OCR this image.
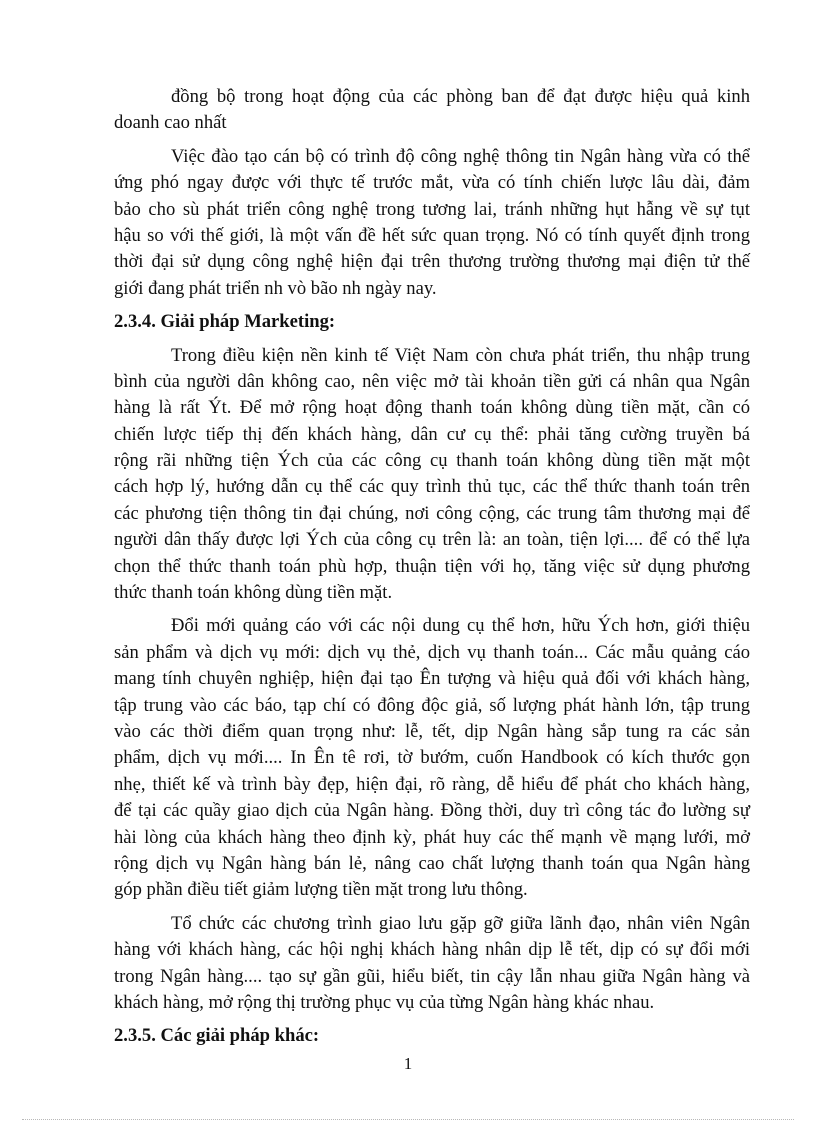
đồng bộ trong hoạt động của các phòng ban để đạt được hiệu quả kinh
doanh cao nhất
Việc đào tạo cán bộ có trình độ công nghệ thông tin Ngân hàng vừa có thể
ứng phó ngay được với thực tế trước mắt, vừa có tính chiến lược lâu dài, đảm
bảo cho sù phát triển công nghệ trong tương lai, tránh những hụt hẫng về sự tụt
hậu so với thế giới, là một vấn đề hết sức quan trọng. Nó có tính quyết định trong
thời đại sử dụng công nghệ hiện đại trên thương trường thương mại điện tử thế
giới đang phát triển nh vò bão nh ngày nay.
2.3.4. Giải pháp Marketing:
Trong điều kiện nền kinh tế Việt Nam còn chưa phát triển, thu nhập trung
bình của người dân không cao, nên việc mở tài khoản tiền gửi cá nhân qua Ngân
hàng là rất Ýt. Để mở rộng hoạt động thanh toán không dùng tiền mặt, cần có
chiến lược tiếp thị đến khách hàng, dân cư cụ thể: phải tăng cường truyền bá
rộng rãi những tiện Ých của các công cụ thanh toán không dùng tiền mặt một
cách hợp lý, hướng dẫn cụ thể các quy trình thủ tục, các thể thức thanh toán trên
các phương tiện thông tin đại chúng, nơi công cộng, các trung tâm thương mại để
người dân thấy được lợi Ých của công cụ trên là: an toàn, tiện lợi.... để có thể lựa
chọn thể thức thanh toán phù hợp, thuận tiện với họ, tăng việc sử dụng phương
thức thanh toán không dùng tiền mặt.
Đổi mới quảng cáo với các nội dung cụ thể hơn, hữu Ých hơn, giới thiệu
sản phẩm và dịch vụ mới: dịch vụ thẻ, dịch vụ thanh toán... Các mẫu quảng cáo
mang tính chuyên nghiệp, hiện đại tạo Ên tượng và hiệu quả đối với khách hàng,
tập trung vào các báo, tạp chí có đông độc giả, số lượng phát hành lớn, tập trung
vào các thời điểm quan trọng như: lễ, tết, dịp Ngân hàng sắp tung ra các sản
phẩm, dịch vụ mới.... In Ên tê rơi, tờ bướm, cuốn Handbook có kích thước gọn
nhẹ, thiết kế và trình bày đẹp, hiện đại, rõ ràng, dễ hiểu để phát cho khách hàng,
để tại các quầy giao dịch của Ngân hàng. Đồng thời, duy trì công tác đo lường sự
hài lòng của khách hàng theo định kỳ, phát huy các thế mạnh về mạng lưới, mở
rộng dịch vụ Ngân hàng bán lẻ, nâng cao chất lượng thanh toán qua Ngân hàng
góp phần điều tiết giảm lượng tiền mặt trong lưu thông.
Tổ chức các chương trình giao lưu gặp gỡ giữa lãnh đạo, nhân viên Ngân
hàng với khách hàng, các hội nghị khách hàng nhân dịp lễ tết, dịp có sự đổi mới
trong Ngân hàng.... tạo sự gần gũi, hiểu biết, tin cậy lẫn nhau giữa Ngân hàng và
khách hàng, mở rộng thị trường phục vụ của từng Ngân hàng khác nhau.
2.3.5. Các giải pháp khác:
1
